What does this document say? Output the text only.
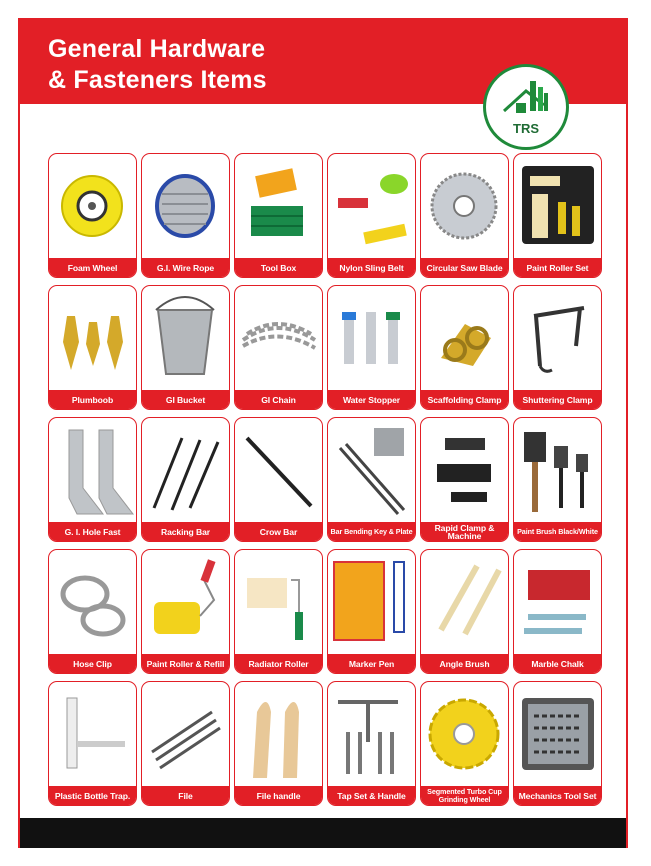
General Hardware
& Fasteners Items
TRS
Foam Wheel	G.I. Wire Rope	Tool Box	Nylon Sling Belt	Circular Saw Blade	Paint Roller Set
Plumboob	GI Bucket	GI Chain	Water Stopper	Scaffolding Clamp	Shuttering Clamp
G. I. Hole Fast	Racking Bar	Crow Bar	Bar Bending Key & Plate	Rapid Clamp & Machine	Paint Brush Black/White
Hose Clip	Paint Roller & Refill	Radiator Roller	Marker Pen	Angle Brush	Marble Chalk
Plastic Bottle Trap.	File	File handle	Tap Set & Handle	Segmented Turbo Cup
Grinding Wheel	Mechanics Tool Set
